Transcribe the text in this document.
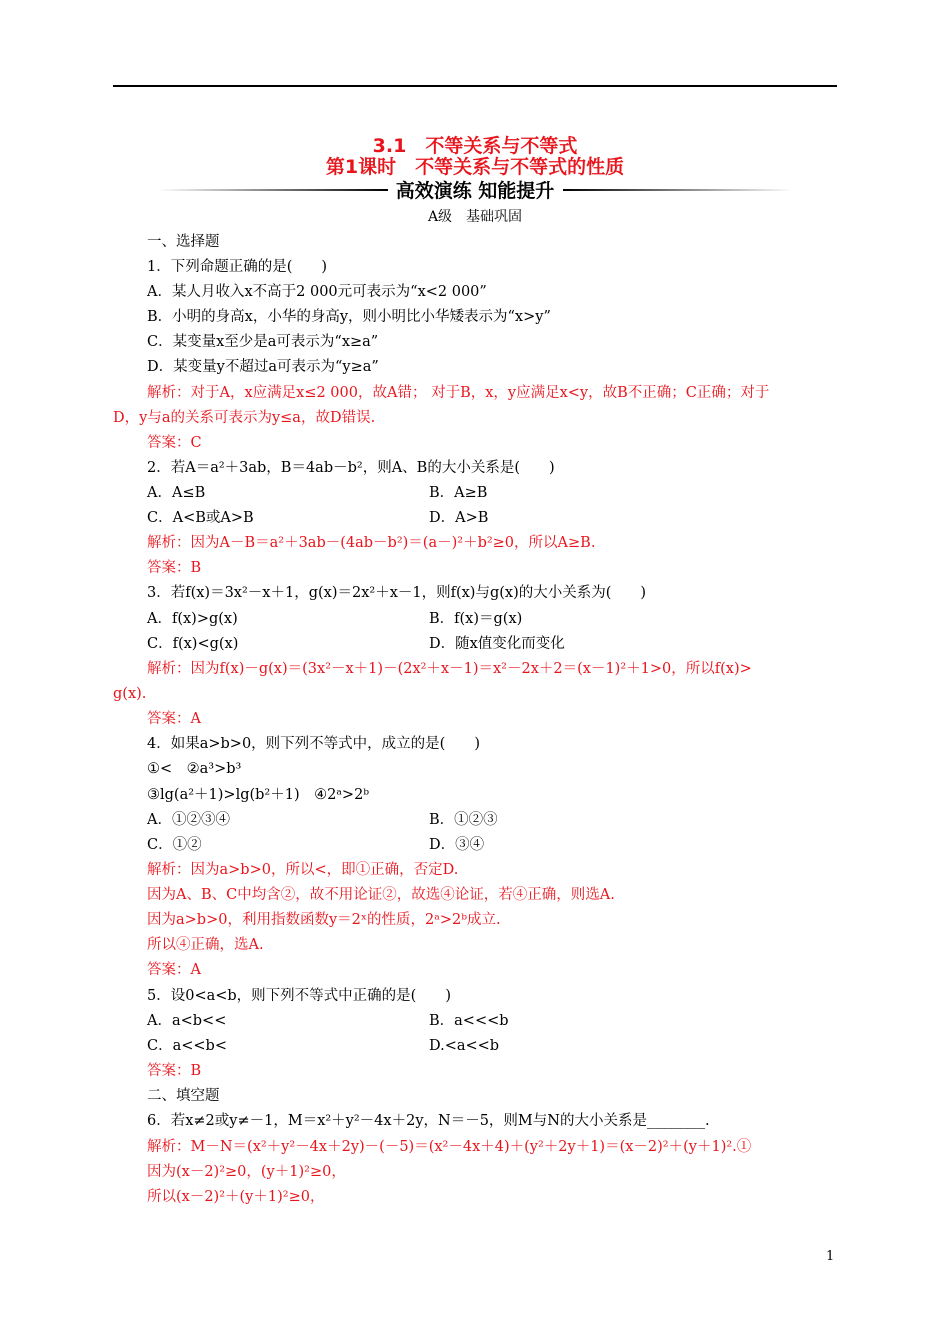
3.1　不等关系与不等式
第1课时　不等关系与不等式的性质
高效演练 知能提升
A级　基础巩固
一、选择题
1．下列命题正确的是(　　)
A．某人月收入x不高于2 000元可表示为“x<2 000”
B．小明的身高x，小华的身高y，则小明比小华矮表示为“x>y”
C．某变量x至少是a可表示为“x≥a”
D．某变量y不超过a可表示为“y≥a”
解析：对于A，x应满足x≤2 000，故A错； 对于B，x，y应满足x<y，故B不正确；C正确；对于
D，y与a的关系可表示为y≤a，故D错误.
答案：C
2．若A＝a²＋3ab，B＝4ab－b²，则A、B的大小关系是(　　)
A．A≤B	B．A≥B
C．A<B或A>B	D．A>B
解析：因为A－B＝a²＋3ab－(4ab－b²)＝(a－)²＋b²≥0，所以A≥B.
答案：B
3．若f(x)＝3x²－x＋1，g(x)＝2x²＋x－1，则f(x)与g(x)的大小关系为(　　)
A．f(x)>g(x)	B．f(x)＝g(x)
C．f(x)<g(x)	D．随x值变化而变化
解析：因为f(x)－g(x)＝(3x²－x＋1)－(2x²＋x－1)＝x²－2x＋2＝(x－1)²＋1>0，所以f(x)>
g(x).
答案：A
4．如果a>b>0，则下列不等式中，成立的是(　　)
①<　②a³>b³
③lg(a²＋1)>lg(b²＋1)　④2ᵃ>2ᵇ
A．①②③④	B．①②③
C．①②	D．③④
解析：因为a>b>0，所以<，即①正确，否定D.
因为A、B、C中均含②，故不用论证②，故选④论证，若④正确，则选A.
因为a>b>0，利用指数函数y＝2ˣ的性质，2ᵃ>2ᵇ成立.
所以④正确，选A.
答案：A
5．设0<a<b，则下列不等式中正确的是(　　)
A．a<b<<	B．a<<<b
C．a<<b<	D.<a<<b
答案：B
二、填空题
6．若x≠2或y≠－1，M＝x²＋y²－4x＋2y，N＝－5，则M与N的大小关系是________.
解析：M－N＝(x²＋y²－4x＋2y)－(－5)＝(x²－4x＋4)＋(y²＋2y＋1)＝(x－2)²＋(y＋1)².①
因为(x－2)²≥0，(y＋1)²≥0，
所以(x－2)²＋(y＋1)²≥0，
1
